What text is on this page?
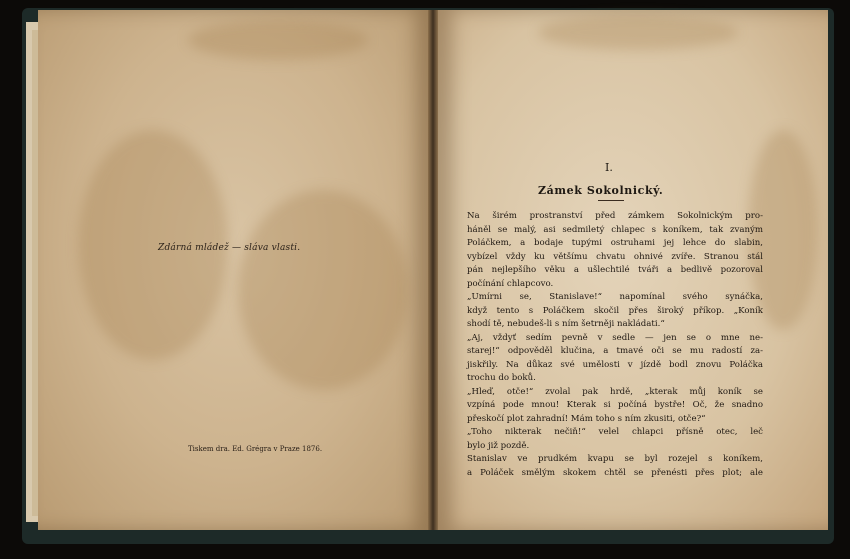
Zdárná mládež — sláva vlasti.
Tiskem dra. Ed. Grégra v Praze 1876.
I.
Zámek Sokolnický.
Na širém prostranství před zámkem Sokolnickým pro-
háněl se malý, asi sedmiletý chlapec s koníkem, tak zvaným
Poláčkem, a bodaje tupými ostruhami jej lehce do slabin,
vybízel vždy ku většímu chvatu ohnivé zvíře. Stranou stál
pán nejlepšího věku a ušlechtilé tváři a bedlivě pozoroval
počínání chlapcovo.
„Umírni se, Stanislave!“ napomínal svého synáčka,
když tento s Poláčkem skočil přes široký příkop. „Koník
shodí tě, nebudeš-li s ním šetrněji nakládati.“
„Aj, vždyť sedím pevně v sedle — jen se o mne ne-
starej!“ odpověděl klučina, a tmavé oči se mu radostí za-
jiskřily. Na důkaz své umělosti v jízdě bodl znovu Poláčka
trochu do boků.
„Hleď, otče!“ zvolal pak hrdě, „kterak můj koník se
vzpíná pode mnou! Kterak si počíná bystře! Oč, že snadno
přeskočí plot zahradní! Mám toho s ním zkusiti, otče?“
„Toho nikterak nečiň!“ velel chlapci přísně otec, leč
bylo již pozdě.
Stanislav ve prudkém kvapu se byl rozejel s koníkem,
a Poláček smělým skokem chtěl se přenésti přes plot; ale
